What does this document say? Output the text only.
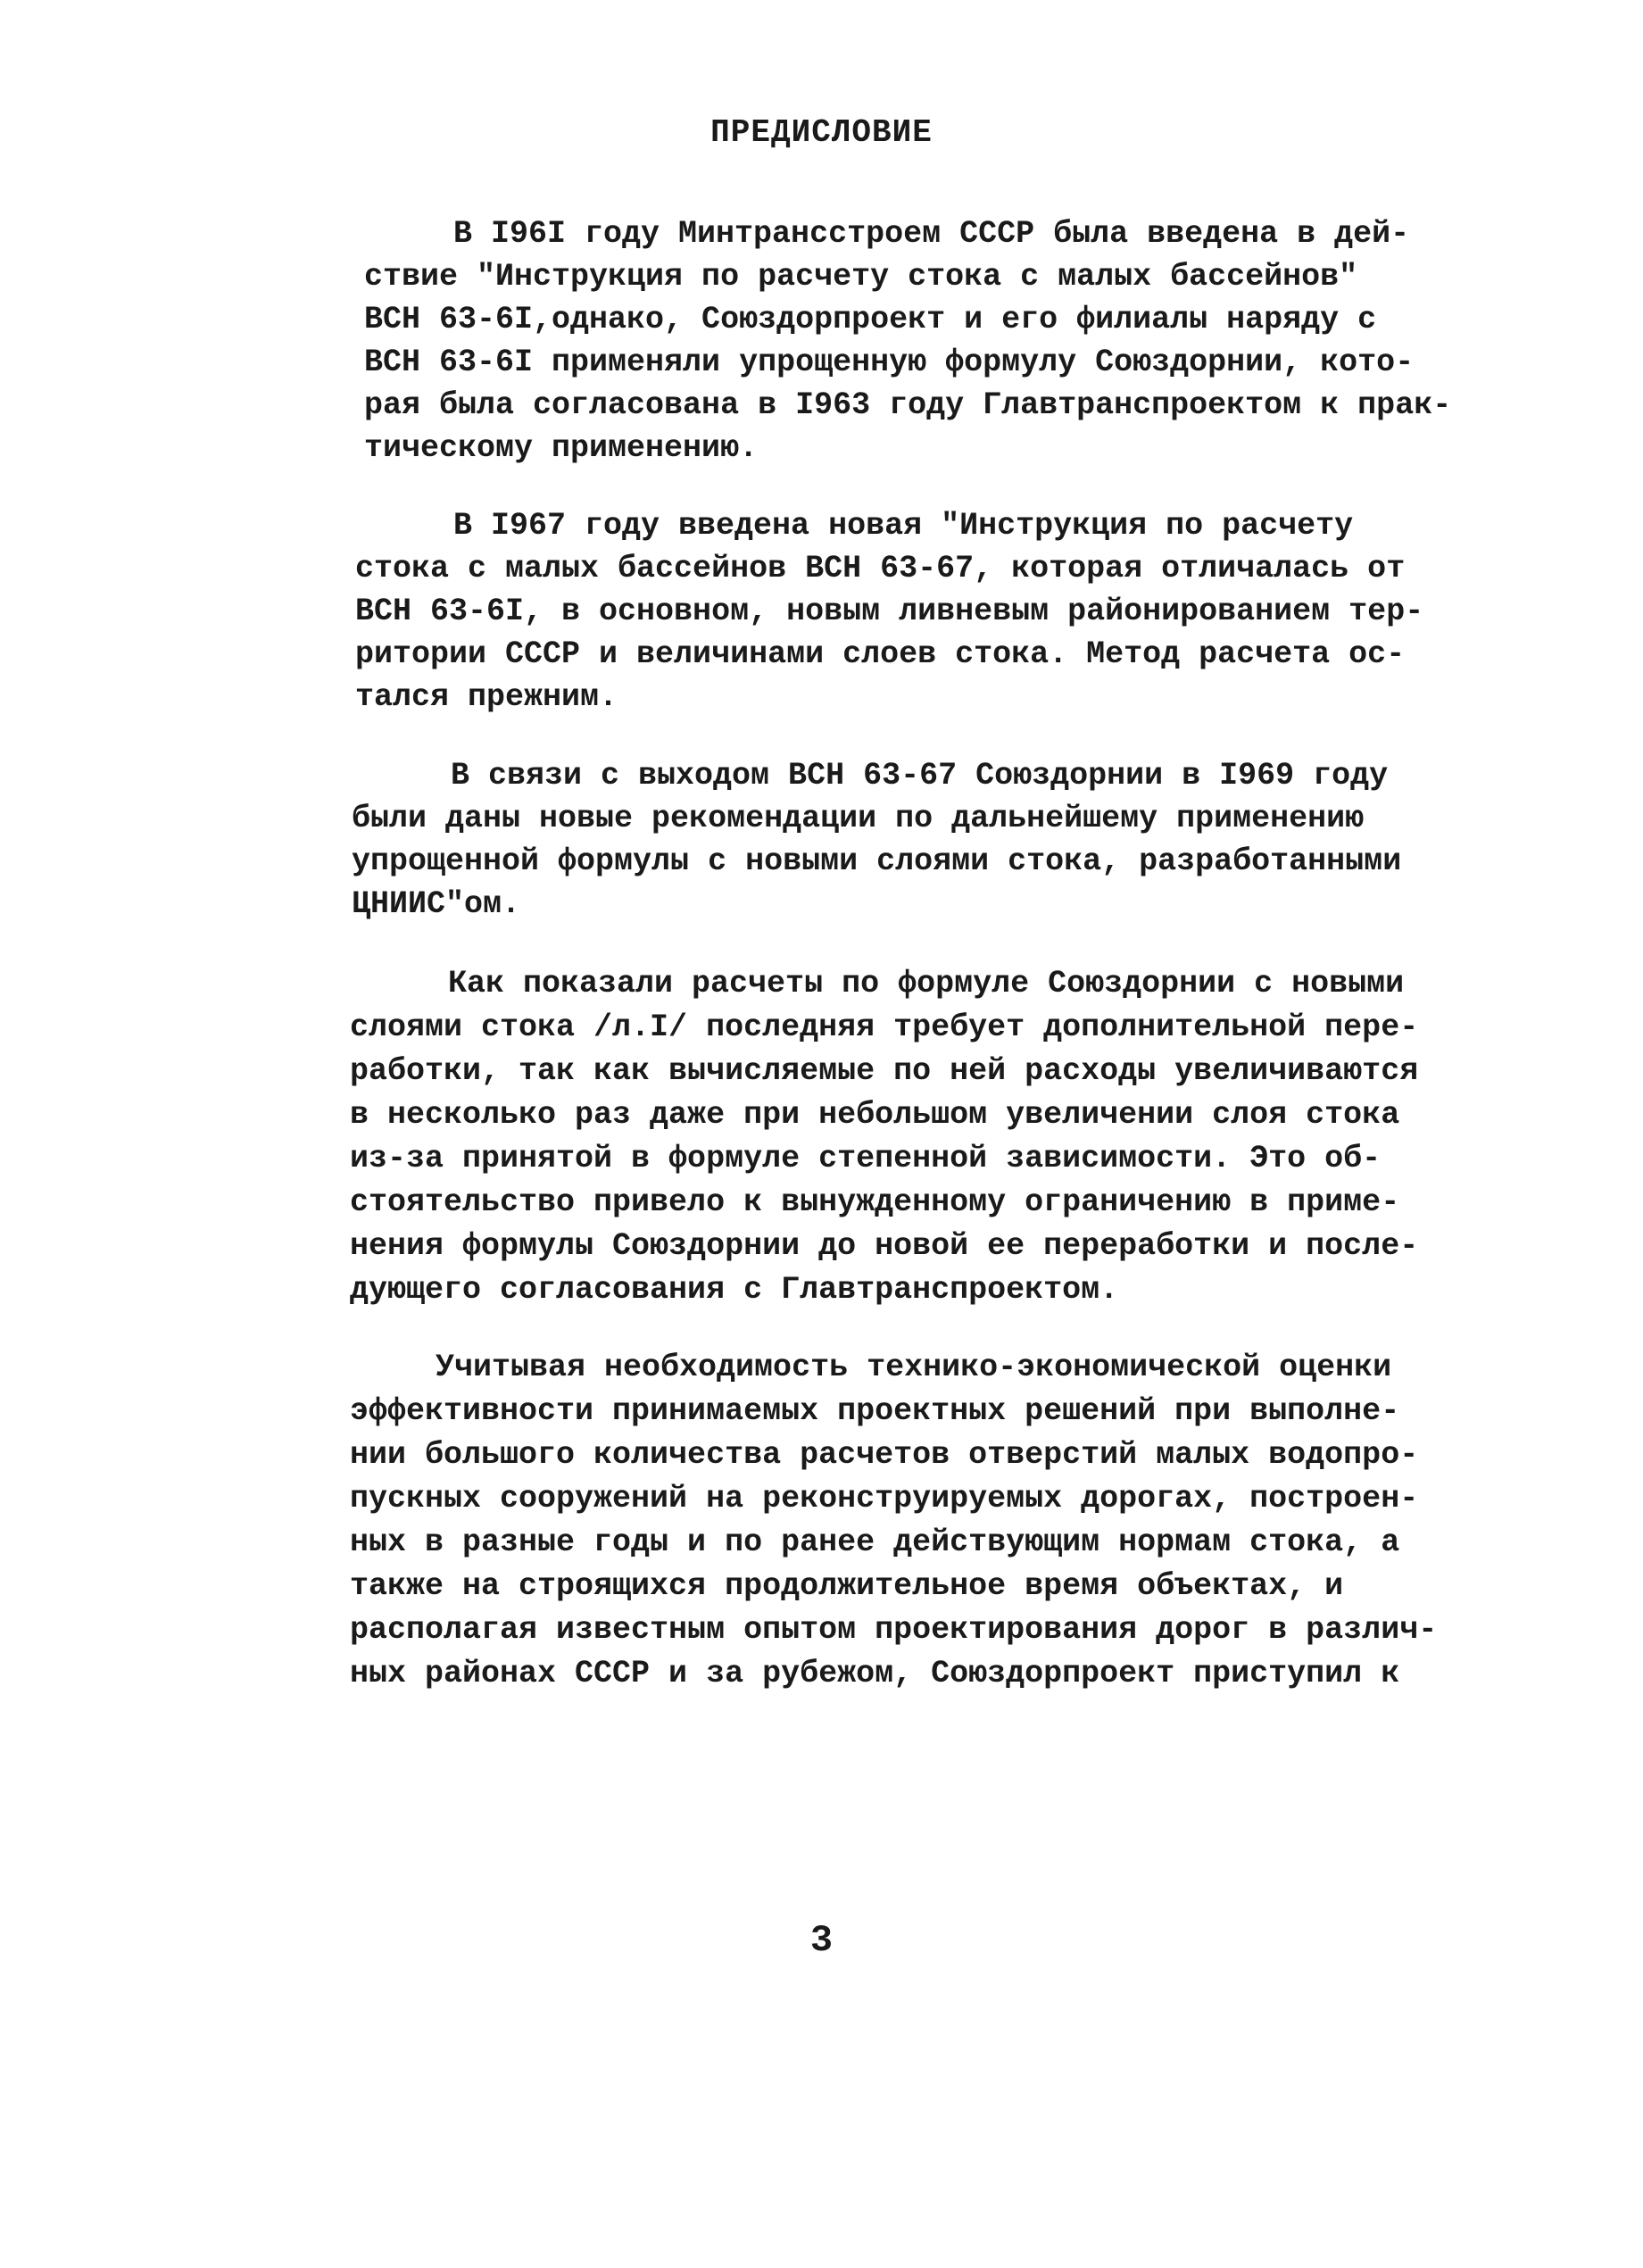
ПРЕДИСЛОВИЕ
В I96I году Минтрансстроем СССР была введена в дей-
ствие "Инструкция по расчету стока с малых бассейнов"
ВСН 63-6I,однако, Союздорпроект и его филиалы наряду с
ВСН 63-6I применяли упрощенную формулу Союздорнии, кото-
рая была согласована в I963 году Главтранспроектом к прак-
тическому применению.
В I967 году введена новая "Инструкция по расчету
стока с малых бассейнов ВСН 63-67, которая отличалась от
ВСН 63-6I, в основном, новым ливневым районированием тер-
ритории СССР и величинами слоев стока. Метод расчета ос-
тался прежним.
В связи с выходом ВСН 63-67 Союздорнии в I969 году
были даны новые рекомендации по дальнейшему применению
упрощенной формулы с новыми слоями стока, разработанными
ЦНИИС"ом.
Как показали расчеты по формуле Союздорнии с новыми
слоями стока /л.I/ последняя требует дополнительной пере-
работки, так как вычисляемые по ней расходы увеличиваются
в несколько раз даже при небольшом увеличении слоя стока
из-за принятой в формуле степенной зависимости. Это об-
стоятельство привело к вынужденному ограничению в приме-
нения формулы Союздорнии до новой ее переработки и после-
дующего согласования с Главтранспроектом.
Учитывая необходимость технико-экономической оценки
эффективности принимаемых проектных решений при выполне-
нии большого количества расчетов отверстий малых водопро-
пускных сооружений на реконструируемых дорогах, построен-
ных в разные годы и по ранее действующим нормам стока, а
также на строящихся продолжительное время объектах, и
располагая известным опытом проектирования дорог в различ-
ных районах СССР и за рубежом, Союздорпроект приступил к
3
